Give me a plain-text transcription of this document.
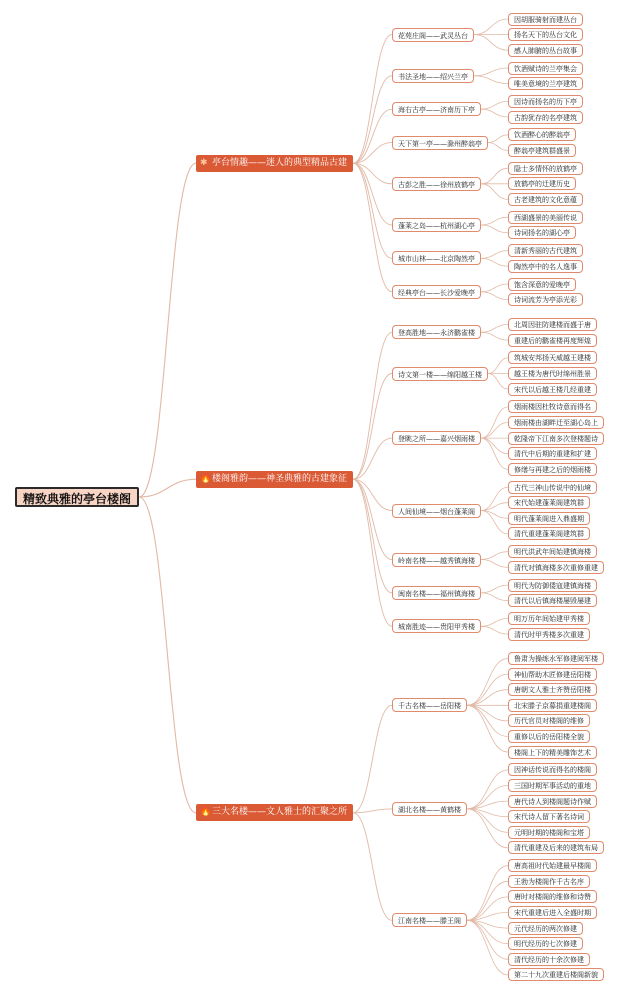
精致典雅的亭台楼阁
因胡服骑射而建丛台
扬名天下的丛台文化
感人肺腑的丛台故事
花苑庄阁——武灵丛台
饮酒赋诗的兰亭集会
唯美意境的兰亭建筑
书法圣地——绍兴兰亭
因诗而扬名的历下亭
古韵犹存的名亭建筑
海右古亭——济南历下亭
饮酒醉心的醉翁亭
醉翁亭建筑群盛景
天下第一亭——滁州醉翁亭
隐士多情怀的放鹤亭
放鹤亭的迁建历史
古老建筑的文化意蕴
古彭之胜——徐州放鹤亭
西湖盛景的美丽传说
诗词扬名的湖心亭
蓬莱之岛——杭州湖心亭
清新秀丽的古代建筑
陶然亭中的名人逸事
城市山林——北京陶然亭
饱含深意的爱晚亭
诗词流芳为亭添光彩
经典亭台——长沙爱晚亭
✱ 亭台情趣——迷人的典型精品古建
北周因驻防建楼而盛于唐
重建后的鹳雀楼再度辉煌
登高胜地——永济鹳雀楼
筑城安邦扬天威越王建楼
越王楼为唐代时绵州胜景
宋代以后越王楼几经重建
诗文第一楼——绵阳越王楼
烟雨楼因杜牧诗意而得名
烟雨楼由湖畔迁至湖心岛上
乾隆帝下江南多次登楼题诗
清代中后期的重建和扩建
修缮与再建之后的烟雨楼
登眺之所——嘉兴烟雨楼
古代三神山传说中的仙境
宋代始建蓬莱阁建筑群
明代蓬莱阁进入鼎盛期
清代重建蓬莱阁建筑群
人间仙境——烟台蓬莱阁
明代洪武年间始建镇海楼
清代对镇海楼多次重修重建
岭南名楼——越秀镇海楼
明代为防御倭寇建镇海楼
清代以后镇海楼屡毁屡建
闽南名楼——福州镇海楼
明万历年间始建甲秀楼
清代时甲秀楼多次重建
城南胜迹——贵阳甲秀楼
🔥楼阁雅韵——神圣典雅的古建象征
鲁肃为操练水军修建阅军楼
神仙帮助木匠修建岳阳楼
唐朝文人雅士齐赞岳阳楼
北宋滕子京募捐重建楼阁
历代官员对楼阁的维修
重修以后的岳阳楼全貌
楼阁上下的精美雕饰艺术
千古名楼——岳阳楼
因神话传说而得名的楼阁
三国时期军事活动的重地
唐代诗人到楼阁题诗作赋
宋代诗人留下著名诗词
元明时期的楼阁和宝塔
清代重建及后来的建筑布局
湖北名楼——黄鹤楼
唐高祖时代始建最早楼阁
王勃为楼阁作千古名序
唐时对楼阁的维修和诗赞
宋代重建后进入全盛时期
元代经历的两次修建
明代经历的七次修建
清代经历的十余次修建
第二十九次重建后楼阁新貌
江南名楼——滕王阁
🔥三大名楼——文人雅士的汇聚之所
